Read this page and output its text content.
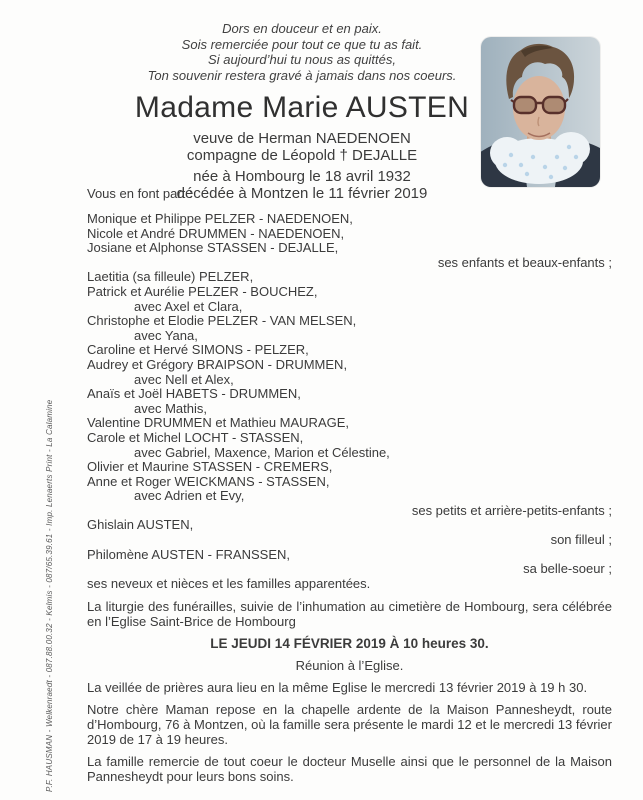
Dors en douceur et en paix.
Sois remerciée pour tout ce que tu as fait.
Si aujourd’hui tu nous as quittés,
Ton souvenir restera gravé à jamais dans nos coeurs.
Madame Marie AUSTEN
veuve de Herman NAEDENOEN
compagne de Léopold † DEJALLE
née à Hombourg le 18 avril 1932
décédée à Montzen le 11 février 2019
Vous en font part :
Monique et Philippe PELZER - NAEDENOEN,
Nicole et André DRUMMEN - NAEDENOEN,
Josiane et Alphonse STASSEN - DEJALLE,
ses enfants et beaux-enfants ;
Laetitia (sa filleule) PELZER,
Patrick et Aurélie PELZER - BOUCHEZ,
avec Axel et Clara,
Christophe et Elodie PELZER - VAN MELSEN,
avec Yana,
Caroline et Hervé SIMONS - PELZER,
Audrey et Grégory BRAIPSON - DRUMMEN,
avec Nell et Alex,
Anaïs et Joël HABETS - DRUMMEN,
avec Mathis,
Valentine DRUMMEN et Mathieu MAURAGE,
Carole et Michel LOCHT - STASSEN,
avec Gabriel, Maxence, Marion et Célestine,
Olivier et Maurine STASSEN - CREMERS,
Anne et Roger WEICKMANS - STASSEN,
avec Adrien et Evy,
ses petits et arrière-petits-enfants ;
Ghislain AUSTEN,
son filleul ;
Philomène AUSTEN - FRANSSEN,
sa belle-soeur ;
ses neveux et nièces et les familles apparentées.
La liturgie des funérailles, suivie de l’inhumation au cimetière de Hombourg, sera célébrée en l’Eglise Saint-Brice de Hombourg
LE JEUDI 14 FÉVRIER 2019 À 10 heures 30.
Réunion à l’Eglise.
La veillée de prières aura lieu en la même Eglise le mercredi 13 février 2019 à 19 h 30.
Notre chère Maman repose en la chapelle ardente de la Maison Pannesheydt, route d’Hombourg, 76 à Montzen, où la famille sera présente le mardi 12 et le mercredi 13 février 2019 de 17 à 19 heures.
La famille remercie de tout coeur le docteur Muselle ainsi que le personnel de la Maison Pannesheydt pour leurs bons soins.
P.F. HAUSMAN - Welkenraedt - 087.88.00.32 - Kelmis - 087/65.39.61 - Imp. Lenaerts Print - La Calamine
